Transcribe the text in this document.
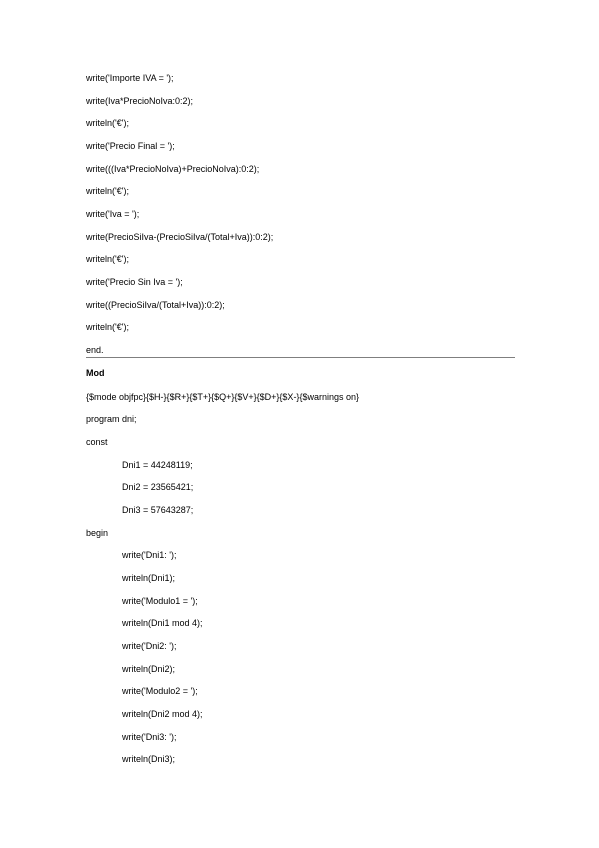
write('Importe IVA = ');
write(Iva*PrecioNoIva:0:2);
writeln('€');
write('Precio Final = ');
write(((Iva*PrecioNoIva)+PrecioNoIva):0:2);
writeln('€');
write('Iva = ');
write(PrecioSiIva-(PrecioSiIva/(Total+Iva)):0:2);
writeln('€');
write('Precio Sin Iva = ');
write((PrecioSiIva/(Total+Iva)):0:2);
writeln('€');
end.
Mod
{$mode objfpc}{$H-}{$R+}{$T+}{$Q+}{$V+}{$D+}{$X-}{$warnings on}
program dni;
const
Dni1 = 44248119;
Dni2 = 23565421;
Dni3 = 57643287;
begin
write('Dni1: ');
writeln(Dni1);
write('Modulo1 = ');
writeln(Dni1 mod 4);
write('Dni2: ');
writeln(Dni2);
write('Modulo2 = ');
writeln(Dni2 mod 4);
write('Dni3: ');
writeln(Dni3);
